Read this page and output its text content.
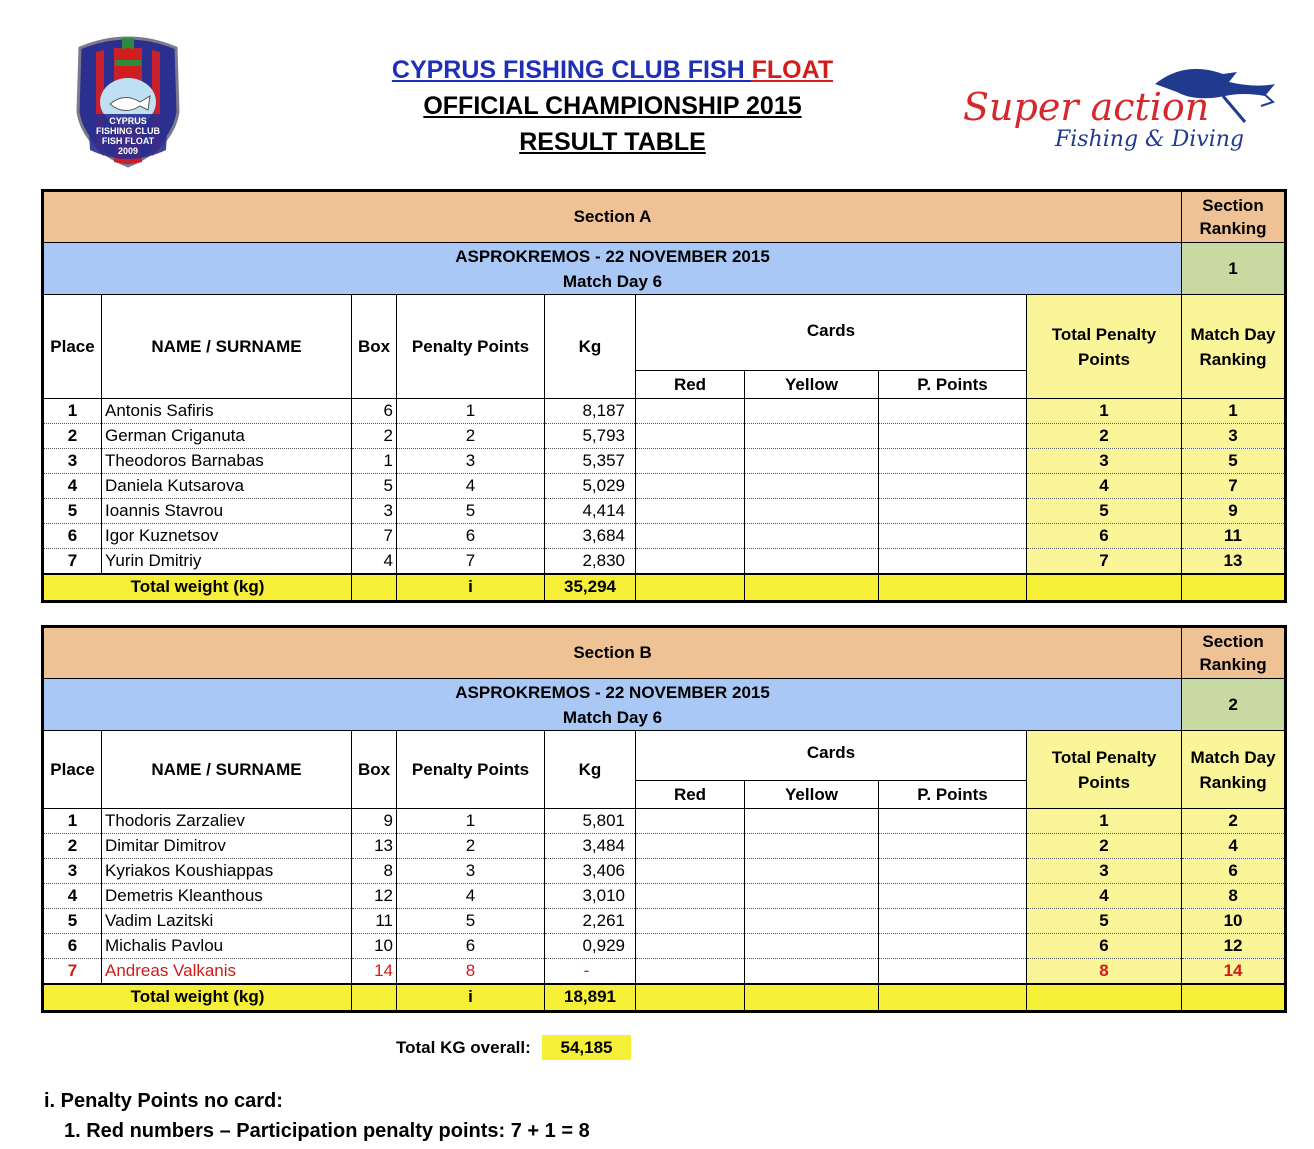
CYPRUS
FISHING CLUB
FISH FLOAT
2009
CYPRUS FISHING CLUB FISH FLOAT
OFFICIAL CHAMPIONSHIP 2015
RESULT TABLE
Super action
Fishing & Diving
Section A									Section Ranking

ASPROKREMOS - 22 NOVEMBER 2015
Match Day 6									1
Place	NAME / SURNAME	Box	Penalty Points	Kg	Cards			Total Penalty Points	Match Day Ranking
					Red	Yellow	P. Points		
1	Antonis Safiris	6	1	8,187				1	1
2	German Criganuta	2	2	5,793				2	3
3	Theodoros Barnabas	1	3	5,357				3	5
4	Daniela Kutsarova	5	4	5,029				4	7
5	Ioannis Stavrou	3	5	4,414				5	9
6	Igor Kuznetsov	7	6	3,684				6	11
7	Yurin Dmitriy	4	7	2,830				7	13
Total weight (kg)			i	35,294					
Section B									Section Ranking

ASPROKREMOS - 22 NOVEMBER 2015
Match Day 6									2
Place	NAME / SURNAME	Box	Penalty Points	Kg	Cards			Total Penalty Points	Match Day Ranking
					Red	Yellow	P. Points		
1	Thodoris Zarzaliev	9	1	5,801				1	2
2	Dimitar Dimitrov	13	2	3,484				2	4
3	Kyriakos Koushiappas	8	3	3,406				3	6
4	Demetris Kleanthous	12	4	3,010				4	8
5	Vadim Lazitski	11	5	2,261				5	10
6	Michalis Pavlou	10	6	0,929				6	12
7	Andreas Valkanis	14	8	-				8	14
Total weight (kg)			i	18,891					
Total KG overall: 54,185
i. Penalty Points no card:
1. Red numbers – Participation penalty points: 7 + 1 = 8
